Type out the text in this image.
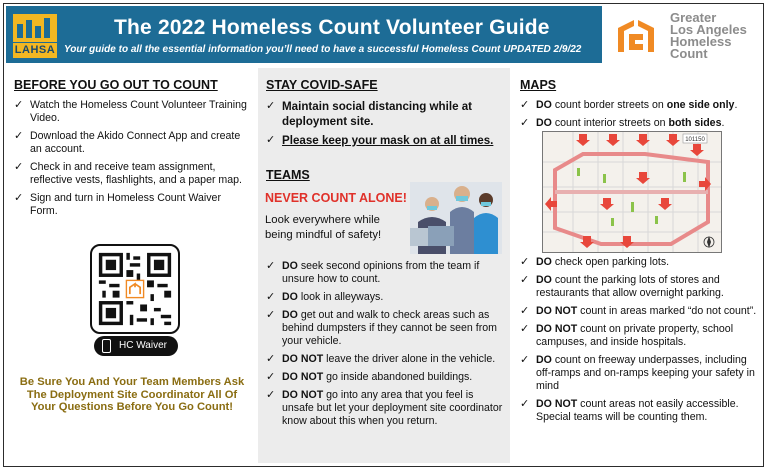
LAHSA
The 2022 Homeless Count Volunteer Guide
Your guide to all the essential information you’ll need to have a successful Homeless Count UPDATED 2/9/22
Greater
Los Angeles
Homeless
Count
BEFORE YOU GO OUT TO COUNT
✓ Watch the Homeless Count Volunteer Training Video.
✓ Download the Akido Connect App and create an account.
✓ Check in and receive team assignment, reflective vests, flashlights, and a paper map.
✓ Sign and turn in Homeless Count Waiver Form.
HC Waiver
Be Sure You And Your Team Members Ask The Deployment Site Coordinator All Of Your Questions Before You Go Count!
STAY COVID-SAFE
✓ Maintain social distancing while at deployment site.
✓ Please keep your mask on at all times.
TEAMS
NEVER COUNT ALONE!
Look everywhere while being mindful of safety!
✓ DO seek second opinions from the team if unsure how to count.
✓ DO look in alleyways.
✓ DO get out and walk to check areas such as behind dumpsters if they cannot be seen from your vehicle.
✓ DO NOT leave the driver alone in the vehicle.
✓ DO NOT go inside abandoned buildings.
✓ DO NOT go into any area that you feel is unsafe but let your deployment site coordinator know about this when you return.
MAPS
✓ DO count border streets on one side only.
✓ DO count interior streets on both sides.
101150
✓ DO check open parking lots.
✓ DO count the parking lots of stores and restaurants that allow overnight parking.
✓ DO NOT count in areas marked “do not count”.
✓ DO NOT count on private property, school campuses, and inside hospitals.
✓ DO count on freeway underpasses, including off-ramps and on-ramps keeping your safety in mind
✓ DO NOT count areas not easily accessible. Special teams will be counting them.
